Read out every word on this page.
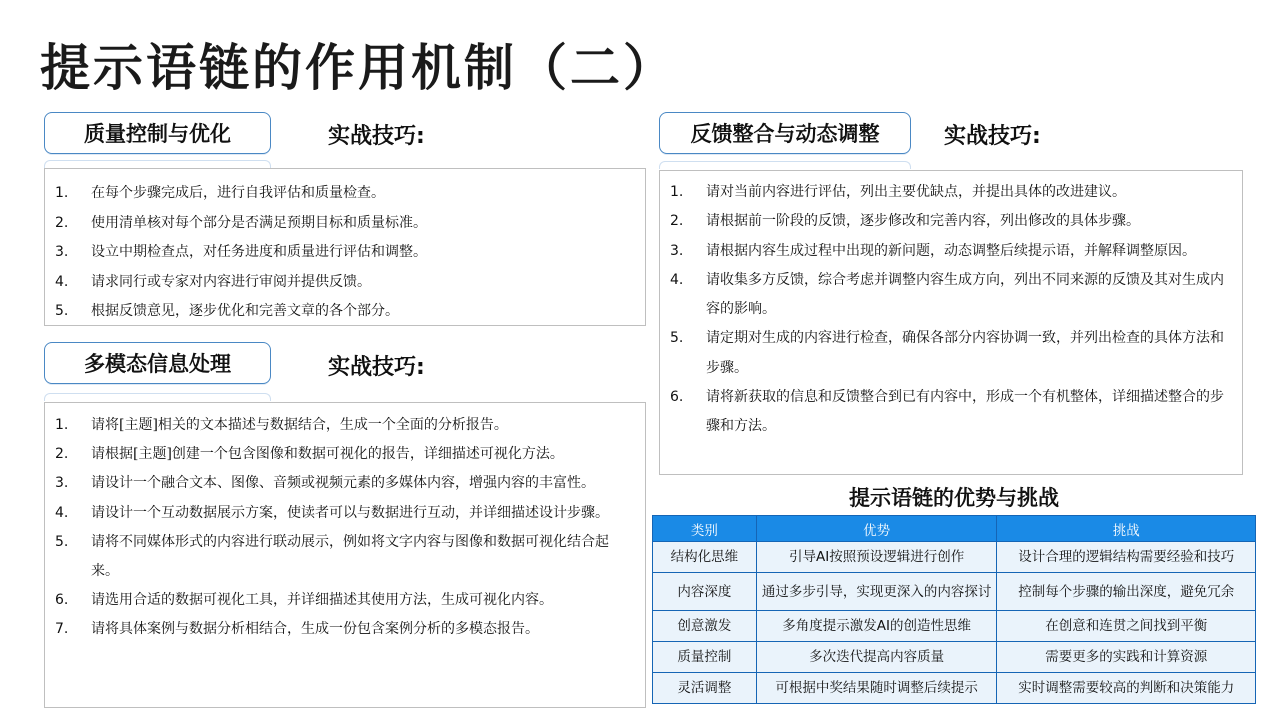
提示语链的作用机制（二）
质量控制与优化	实战技巧:
1.	在每个步骤完成后，进行自我评估和质量检查。
2.	使用清单核对每个部分是否满足预期目标和质量标准。
3.	设立中期检查点，对任务进度和质量进行评估和调整。
4.	请求同行或专家对内容进行审阅并提供反馈。
5.	根据反馈意见，逐步优化和完善文章的各个部分。
多模态信息处理	实战技巧:
1.	请将[主题]相关的文本描述与数据结合，生成一个全面的分析报告。
2.	请根据[主题]创建一个包含图像和数据可视化的报告，详细描述可视化方法。
3.	请设计一个融合文本、图像、音频或视频元素的多媒体内容，增强内容的丰富性。
4.	请设计一个互动数据展示方案，使读者可以与数据进行互动，并详细描述设计步骤。
5.	请将不同媒体形式的内容进行联动展示，例如将文字内容与图像和数据可视化结合起来。
6.	请选用合适的数据可视化工具，并详细描述其使用方法，生成可视化内容。
7.	请将具体案例与数据分析相结合，生成一份包含案例分析的多模态报告。
反馈整合与动态调整	实战技巧:
1.	请对当前内容进行评估，列出主要优缺点，并提出具体的改进建议。
2.	请根据前一阶段的反馈，逐步修改和完善内容，列出修改的具体步骤。
3.	请根据内容生成过程中出现的新问题，动态调整后续提示语，并解释调整原因。
4.	请收集多方反馈，综合考虑并调整内容生成方向，列出不同来源的反馈及其对生成内容的影响。
5.	请定期对生成的内容进行检查，确保各部分内容协调一致，并列出检查的具体方法和步骤。
6.	请将新获取的信息和反馈整合到已有内容中，形成一个有机整体，详细描述整合的步骤和方法。
提示语链的优势与挑战
类别	优势	挑战
结构化思维	引导AI按照预设逻辑进行创作	设计合理的逻辑结构需要经验和技巧
内容深度	通过多步引导，实现更深入的内容探讨	控制每个步骤的输出深度，避免冗余
创意激发	多角度提示激发AI的创造性思维	在创意和连贯之间找到平衡
质量控制	多次迭代提高内容质量	需要更多的实践和计算资源
灵活调整	可根据中奖结果随时调整后续提示	实时调整需要较高的判断和决策能力
